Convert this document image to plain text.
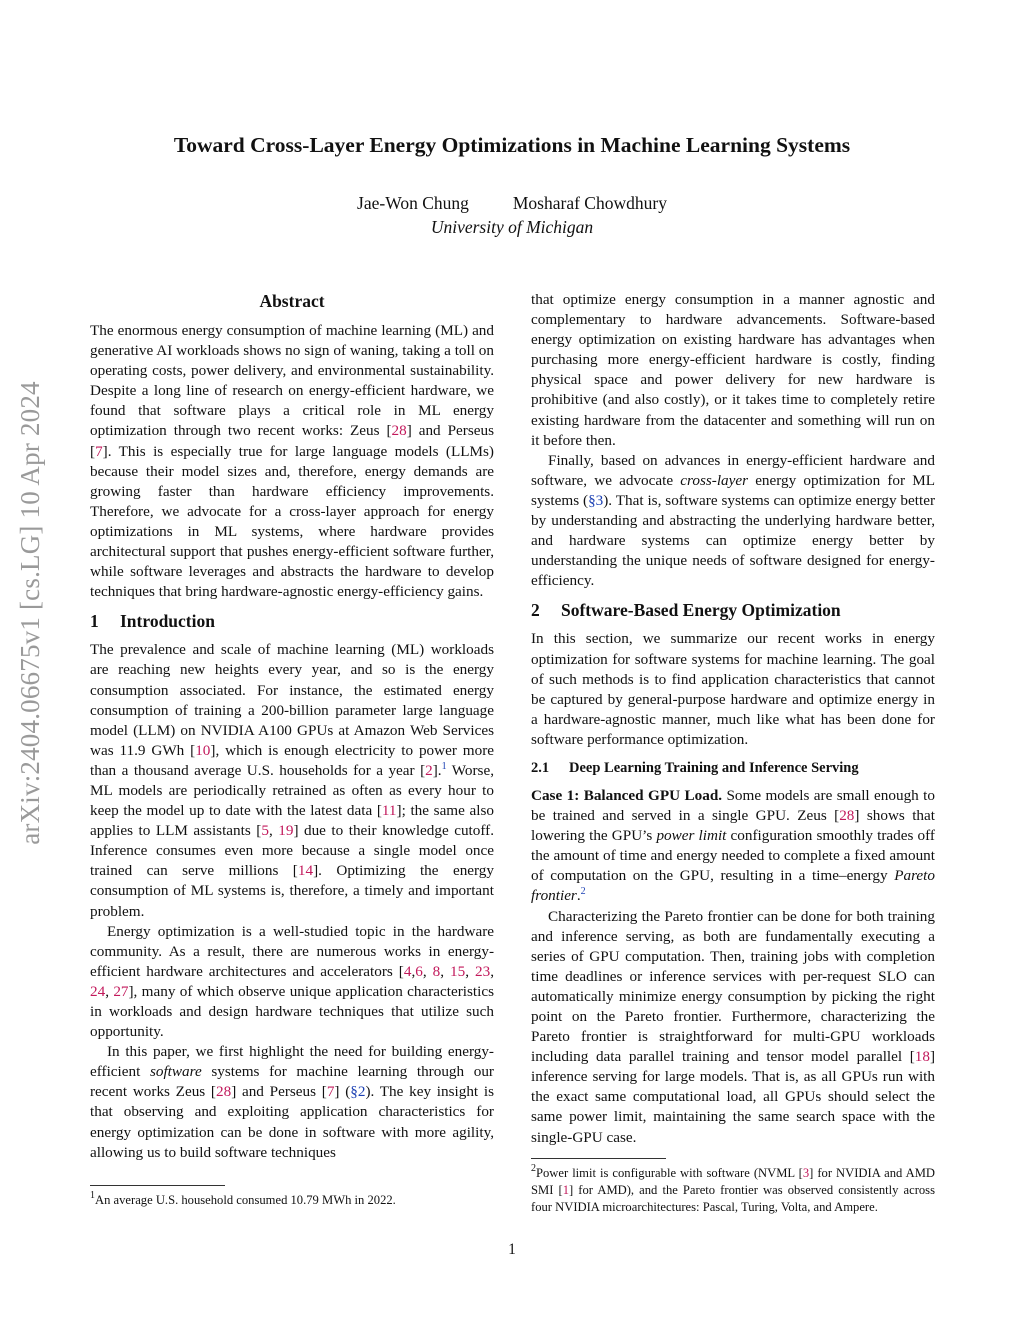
arXiv:2404.06675v1 [cs.LG] 10 Apr 2024
Toward Cross-Layer Energy Optimizations in Machine Learning Systems
Jae-Won Chung	Mosharaf Chowdhury
University of Michigan
Abstract

The enormous energy consumption of machine learning (ML) and generative AI workloads shows no sign of waning, taking a toll on operating costs, power delivery, and environmental sustainability. Despite a long line of research on energy-efficient hardware, we found that software plays a critical role in ML energy optimization through two recent works: Zeus [28] and Perseus [7]. This is especially true for large language models (LLMs) because their model sizes and, therefore, energy demands are growing faster than hardware efficiency improvements. Therefore, we advocate for a cross-layer approach for energy optimizations in ML systems, where hardware provides architectural support that pushes energy-efficient software further, while software leverages and abstracts the hardware to develop techniques that bring hardware-agnostic energy-efficiency gains.

1 Introduction

The prevalence and scale of machine learning (ML) workloads are reaching new heights every year, and so is the energy consumption associated. For instance, the estimated energy consumption of training a 200-billion parameter large language model (LLM) on NVIDIA A100 GPUs at Amazon Web Services was 11.9 GWh [10], which is enough electricity to power more than a thousand average U.S. households for a year [2].$^1$ Worse, ML models are periodically retrained as often as every hour to keep the model up to date with the latest data [11]; the same also applies to LLM assistants [5, 19] due to their knowledge cutoff. Inference consumes even more because a single model once trained can serve millions [14]. Optimizing the energy consumption of ML systems is, therefore, a timely and important problem.

Energy optimization is a well-studied topic in the hardware community. As a result, there are numerous works in energy-efficient hardware architectures and accelerators [4,6, 8, 15, 23, 24, 27], many of which observe unique application characteristics in workloads and design hardware techniques that utilize such opportunity.

In this paper, we first highlight the need for building energy-efficient software systems for machine learning through our recent works Zeus [28] and Perseus [7] (§2). The key insight is that observing and exploiting application characteristics for energy optimization can be done in software with more agility, allowing us to build software techniques

that optimize energy consumption in a manner agnostic and complementary to hardware advancements. Software-based energy optimization on existing hardware has advantages when purchasing more energy-efficient hardware is costly, finding physical space and power delivery for new hardware is prohibitive (and also costly), or it takes time to completely retire existing hardware from the datacenter and something will run on it before then.

Finally, based on advances in energy-efficient hardware and software, we advocate cross-layer energy optimization for ML systems (§3). That is, software systems can optimize energy better by understanding and abstracting the underlying hardware better, and hardware systems can optimize energy better by understanding the unique needs of software designed for energy-efficiency.

2 Software-Based Energy Optimization

In this section, we summarize our recent works in energy optimization for software systems for machine learning. The goal of such methods is to find application characteristics that cannot be captured by general-purpose hardware and optimize energy in a hardware-agnostic manner, much like what has been done for software performance optimization.

2.1 Deep Learning Training and Inference Serving

Case 1: Balanced GPU Load. Some models are small enough to be trained and served in a single GPU. Zeus [28] shows that lowering the GPU’s power limit configuration smoothly trades off the amount of time and energy needed to complete a fixed amount of computation on the GPU, resulting in a time–energy Pareto frontier.$^2$

Characterizing the Pareto frontier can be done for both training and inference serving, as both are fundamentally executing a series of GPU computation. Then, training jobs with completion time deadlines or inference services with per-request SLO can automatically minimize energy consumption by picking the right point on the Pareto frontier. Furthermore, characterizing the Pareto frontier is straightforward for multi-GPU workloads including data parallel training and tensor model parallel [18] inference serving for large models. That is, as all GPUs run with the exact same computational load, all GPUs should select the same power limit, maintaining the same search space with the single-GPU case.

$^1$An average U.S. household consumed 10.79 MWh in 2022.
$^2$Power limit is configurable with software (NVML [3] for NVIDIA and AMD SMI [1] for AMD), and the Pareto frontier was observed consistently across four NVIDIA microarchitectures: Pascal, Turing, Volta, and Ampere.
1
